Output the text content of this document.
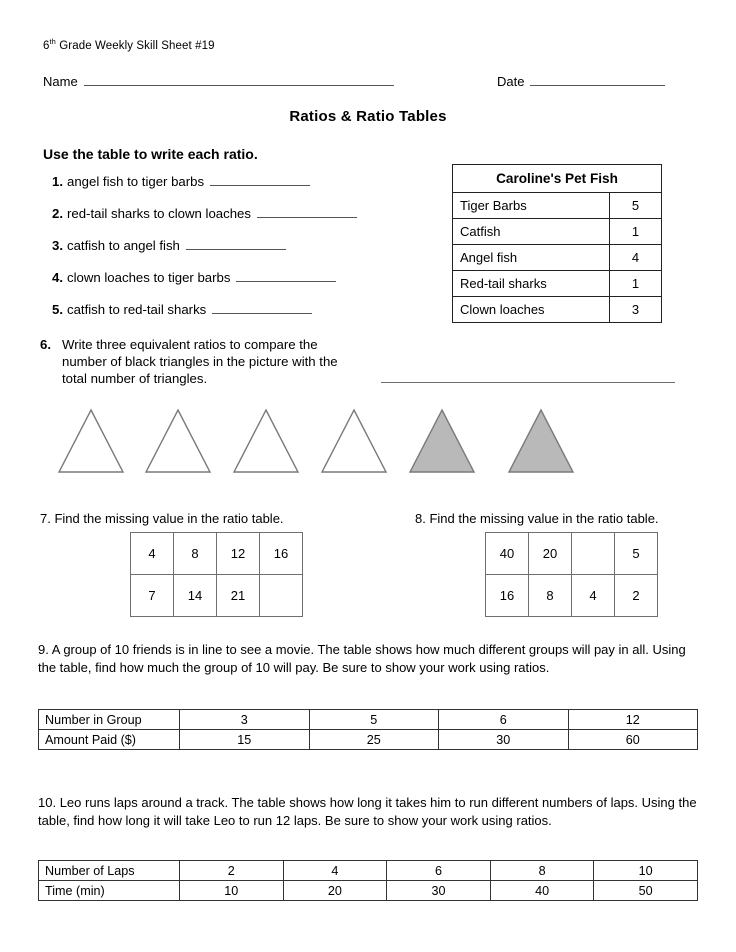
6th Grade Weekly Skill Sheet #19
Name	Date
Ratios & Ratio Tables
Use the table to write each ratio.
1. angel fish to tiger barbs
2. red-tail sharks to clown loaches
3. catfish to angel fish
4. clown loaches to tiger barbs
5. catfish to red-tail sharks
Caroline's Pet Fish	
Tiger Barbs	5
Catfish	1
Angel fish	4
Red-tail sharks	1
Clown loaches	3
6. Write three equivalent ratios to compare the number of black triangles in the picture with the total number of triangles.
7. Find the missing value in the ratio table.
4	8	12	16
7	14	21	
8. Find the missing value in the ratio table.
40	20		5
16	8	4	2
9. A group of 10 friends is in line to see a movie. The table shows how much different groups will pay in all. Using the table, find how much the group of 10 will pay. Be sure to show your work using ratios.
Number in Group	3	5	6	12
Amount Paid ($)	15	25	30	60
10. Leo runs laps around a track. The table shows how long it takes him to run different numbers of laps. Using the table, find how long it will take Leo to run 12 laps. Be sure to show your work using ratios.
Number of Laps	2	4	6	8	10
Time (min)	10	20	30	40	50
